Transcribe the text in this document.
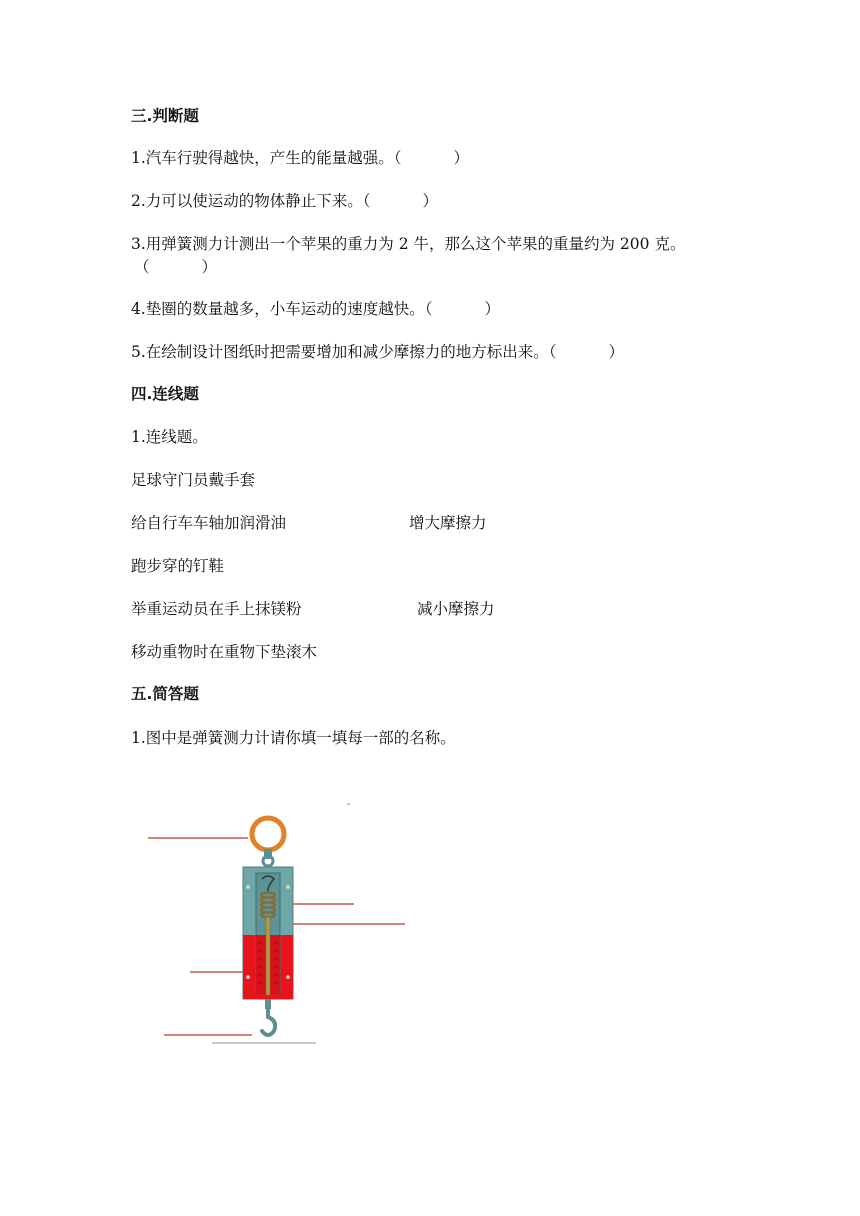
三.判断题
1.汽车行驶得越快，产生的能量越强。（	）
2.力可以使运动的物体静止下来。（	）
3.用弹簧测力计测出一个苹果的重力为 2 牛，那么这个苹果的重量约为 200 克。
（	）
4.垫圈的数量越多，小车运动的速度越快。（	）
5.在绘制设计图纸时把需要增加和减少摩擦力的地方标出来。（	）
四.连线题
1.连线题。
足球守门员戴手套
给自行车车轴加润滑油	增大摩擦力
跑步穿的钉鞋
举重运动员在手上抹镁粉	减小摩擦力
移动重物时在重物下垫滚木
五.简答题
1.图中是弹簧测力计请你填一填每一部的名称。
-
